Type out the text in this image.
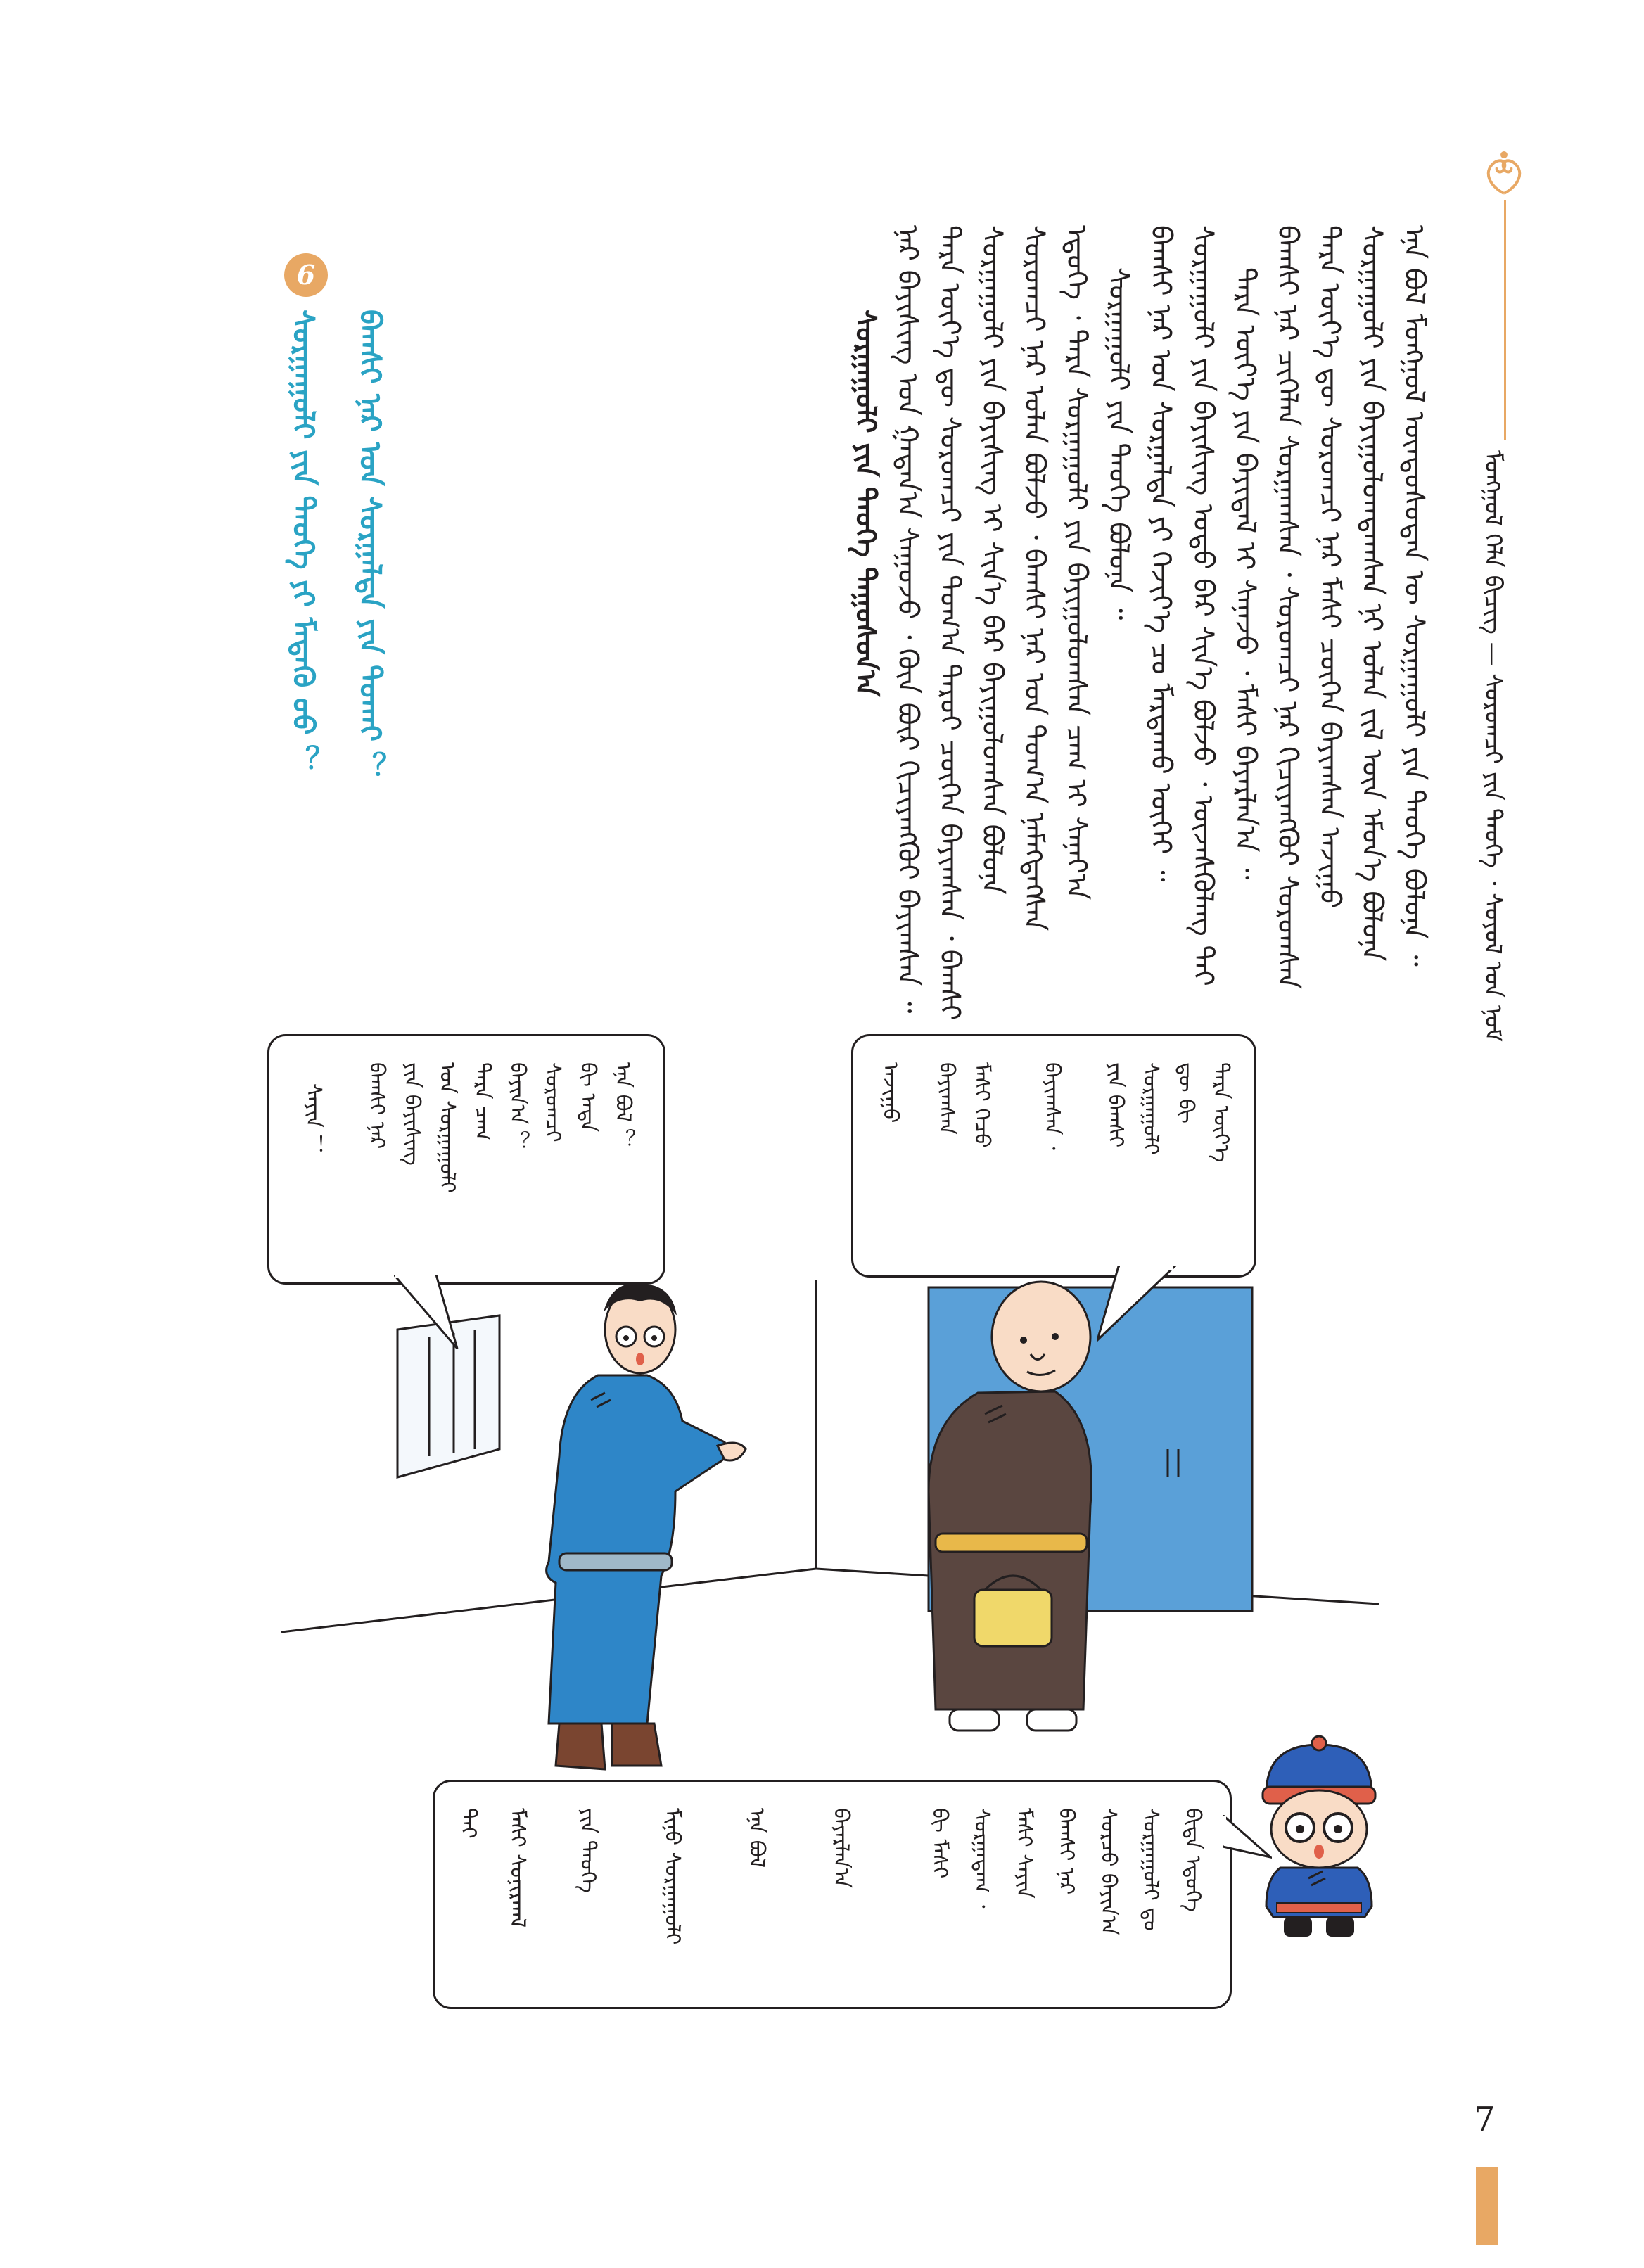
ᠮᠣᠩᠭᠣᠯ ᠬᠡᠯᠡ ᠪᠢᠴᠢᠭ — ᠰᠤᠷᠤᠭᠴᠢ ᠶᠢᠨ ᠲᠡᠤᠬᠡ ᠂ ᠰᠤᠶᠤᠯ ᠤᠨ ᠨᠣᠮ
ᠡᠨᠡ ᠪᠣᠯ ᠮᠣᠩᠭᠣᠯ ᠦᠨᠳᠦᠰᠦᠲᠡᠨ ᠦ ᠰᠤᠷᠭᠠᠭᠤᠯᠢ ᠶᠢᠨ ᠲᠡᠦᠬᠡ ᠪᠣᠯᠤᠨᠠ ᠃
ᠰᠤᠷᠭᠠᠭᠤᠯᠢ ᠶᠢᠨ ᠪᠠᠶᠢᠭᠤᠯᠤᠭᠳᠠᠭᠰᠠᠨ ᠨᠢ ᠣᠯᠠᠨ ᠵᠢᠯ ᠦᠨ ᠡᠮᠦᠨ᠎ᠡ ᠪᠣᠯᠤᠨᠠ
ᠲᠡᠷᠡ ᠦᠶ᠎ᠡ ᠳᠦ ᠰᠤᠷᠤᠭᠴᠢ ᠨᠠᠷ ᠮᠠᠰᠢ ᠴᠥᠭᠡᠨ ᠪᠠᠶᠢᠭᠰᠠᠨ ᠠᠵᠢᠭᠤ
ᠪᠠᠭᠰᠢ ᠨᠠᠷ ᠴᠢᠬᠡᠯᠡᠨ ᠰᠤᠷᠭᠠᠭᠰᠠᠨ ᠂ ᠰᠤᠷᠤᠭᠴᠢ ᠨᠠᠷ ᠬᠢᠴᠢᠶᠡᠩᠭᠦᠢ ᠰᠤᠷᠤᠭᠰᠠᠨ
ᠲᠡᠷᠡ ᠦᠶ᠎ᠡ ᠶᠢᠨ ᠪᠠᠶᠢᠳᠠᠯ ᠢ ᠰᠠᠨᠠᠵᠤ ᠂ ᠮᠠᠰᠢ ᠪᠠᠶᠠᠷᠯᠠᠨ᠎ᠠ ᠃
ᠰᠤᠷᠭᠠᠭᠤᠯᠢ ᠶᠢᠨ ᠪᠠᠶᠢᠰᠢᠩ ᠣᠳᠣ ᠪᠠᠷ ᠰᠢᠨ᠎ᠡ ᠪᠣᠯᠵᠤ ᠂ ᠦᠵᠡᠰᠬᠦᠯᠡᠩ ᠲᠡᠢ
ᠪᠠᠭᠰᠢ ᠨᠠᠷ ᠤᠨ ᠰᠤᠷᠭᠠᠯᠲᠠ ᠶᠢ ᠬᠡᠵᠢᠶ᠎ᠡ ᠴᠤ ᠮᠠᠷᠲᠠᠬᠤ ᠦᠭᠡᠢ ᠃
ᠰᠤᠷᠭᠠᠭᠤᠯᠢ ᠶᠢᠨ ᠲᠡᠦᠬᠡ ᠪᠣᠯᠤᠨᠠ ᠃
ᠡᠳᠦᠭᠡ ᠂ ᠲᠡᠷᠡ ᠰᠤᠷᠭᠠᠭᠤᠯᠢ ᠶᠢᠨ ᠪᠠᠶᠢᠭᠤᠯᠤᠭᠰᠠᠨ ᠴᠠᠭ ᠢ ᠰᠠᠨᠠᠶ᠎ᠠ
ᠰᠤᠷᠤᠭᠴᠢ ᠨᠠᠷ ᠣᠯᠠᠨ ᠪᠣᠯᠵᠤ ᠂ ᠪᠠᠭᠰᠢ ᠨᠠᠷ ᠤᠨ ᠲᠣᠭ᠎ᠠ ᠨᠡᠮᠡᠭᠳᠡᠭᠰᠡᠨ
ᠰᠤᠷᠭᠠᠭᠤᠯᠢ ᠶᠢᠨ ᠪᠠᠶᠢᠰᠢᠩ ᠢ ᠰᠢᠨ᠎ᠡ ᠪᠠᠷ ᠪᠠᠶᠢᠭᠤᠯᠤᠭᠰᠠᠨ ᠪᠣᠯᠤᠨᠠ
ᠲᠡᠷᠡ ᠦᠶ᠎ᠡ ᠳᠦ ᠰᠤᠷᠤᠭᠴᠢ ᠶᠢᠨ ᠲᠣᠭ᠎ᠠ ᠳᠠᠷᠤᠢ ᠴᠥᠭᠡᠨ ᠪᠠᠶᠢᠭᠰᠠᠨ ᠂ ᠪᠠᠭᠰᠢ
ᠨᠠᠷ ᠪᠠᠶᠢᠰᠢᠩ ᠤᠨ ᠭᠠᠳᠠᠨ᠎ᠠ ᠰᠠᠭᠤᠵᠤ ᠂ ᠬᠦᠨ ᠪᠦᠷ ᠬᠢᠴᠢᠶᠡᠩᠭᠦᠢ ᠪᠠᠶᠢᠭᠰᠠᠨ ᠃
ᠰᠤᠷᠭᠠᠭᠤᠯᠢ ᠶᠢᠨ ᠲᠡᠦᠬᠡ ᠳᠠᠭᠤᠰᠤᠨ᠎ᠠ
6
ᠰᠤᠷᠭᠠᠭᠤᠯᠢ ᠶᠢᠨ ᠲᠡᠦᠬᠡ ᠶᠢ ᠮᠡᠳᠡᠬᠦ ᠦᠦ ？ ᠪᠠᠭᠰᠢ ᠨᠠᠷ ᠤᠨ ᠰᠤᠷᠭᠠᠯᠲᠠ ᠶᠢᠨ ᠲᠤᠬᠠᠢ ？
ᠡᠨᠡ ᠪᠣᠯ ？
ᠪᠢ ᠡᠨᠳᠡ
ᠰᠤᠷᠤᠭᠴᠢ
ᠪᠠᠶᠢᠨ᠎ᠠ ？
ᠲᠡᠷᠡ ᠴᠠᠭ
ᠤᠨ ᠰᠤᠷᠭᠠᠭᠤᠯᠢ
ᠶᠢᠨ ᠪᠠᠶᠢᠰᠢᠩ
ᠪᠠᠭᠰᠢ ᠨᠠᠷ
ᠰᠠᠶᠢᠨ ！	ᠲᠡᠷᠡ ᠦᠶ᠎ᠡ
ᠳᠦ ᠪᠢ
ᠰᠤᠷᠭᠠᠭᠤᠯᠢ
ᠶᠢᠨ ᠪᠠᠭᠰᠢ
ᠪᠠᠶᠢᠭᠰᠠᠨ ᠂
ᠮᠠᠰᠢ ᠬᠡᠴᠦ
ᠪᠠᠶᠢᠭᠰᠠᠨ
ᠠᠵᠢᠭᠤ
ᠪᠢᠳᠡ ᠡᠳᠦᠭᠡ
ᠰᠤᠷᠭᠠᠭᠤᠯᠢ ᠳᠤ
ᠰᠤᠷᠴᠤ ᠪᠠᠶᠢᠨ᠎ᠠ
ᠪᠠᠭᠰᠢ ᠨᠠᠷ
ᠮᠠᠰᠢ ᠰᠠᠶᠢᠨ
ᠰᠤᠷᠭᠠᠳᠠᠭ ᠂
ᠪᠢ ᠮᠠᠰᠢ
ᠪᠠᠶᠠᠷᠯᠠᠨ᠎ᠠ
ᠡᠨᠡ ᠪᠣᠯ
ᠮᠢᠨᠦ ᠰᠤᠷᠭᠠᠭᠤᠯᠢ
ᠶᠢᠨ ᠲᠡᠦᠬᠡ
ᠮᠠᠰᠢ ᠰᠣᠨᠢᠷᠬᠠᠯ
ᠲᠠᠢ
7
